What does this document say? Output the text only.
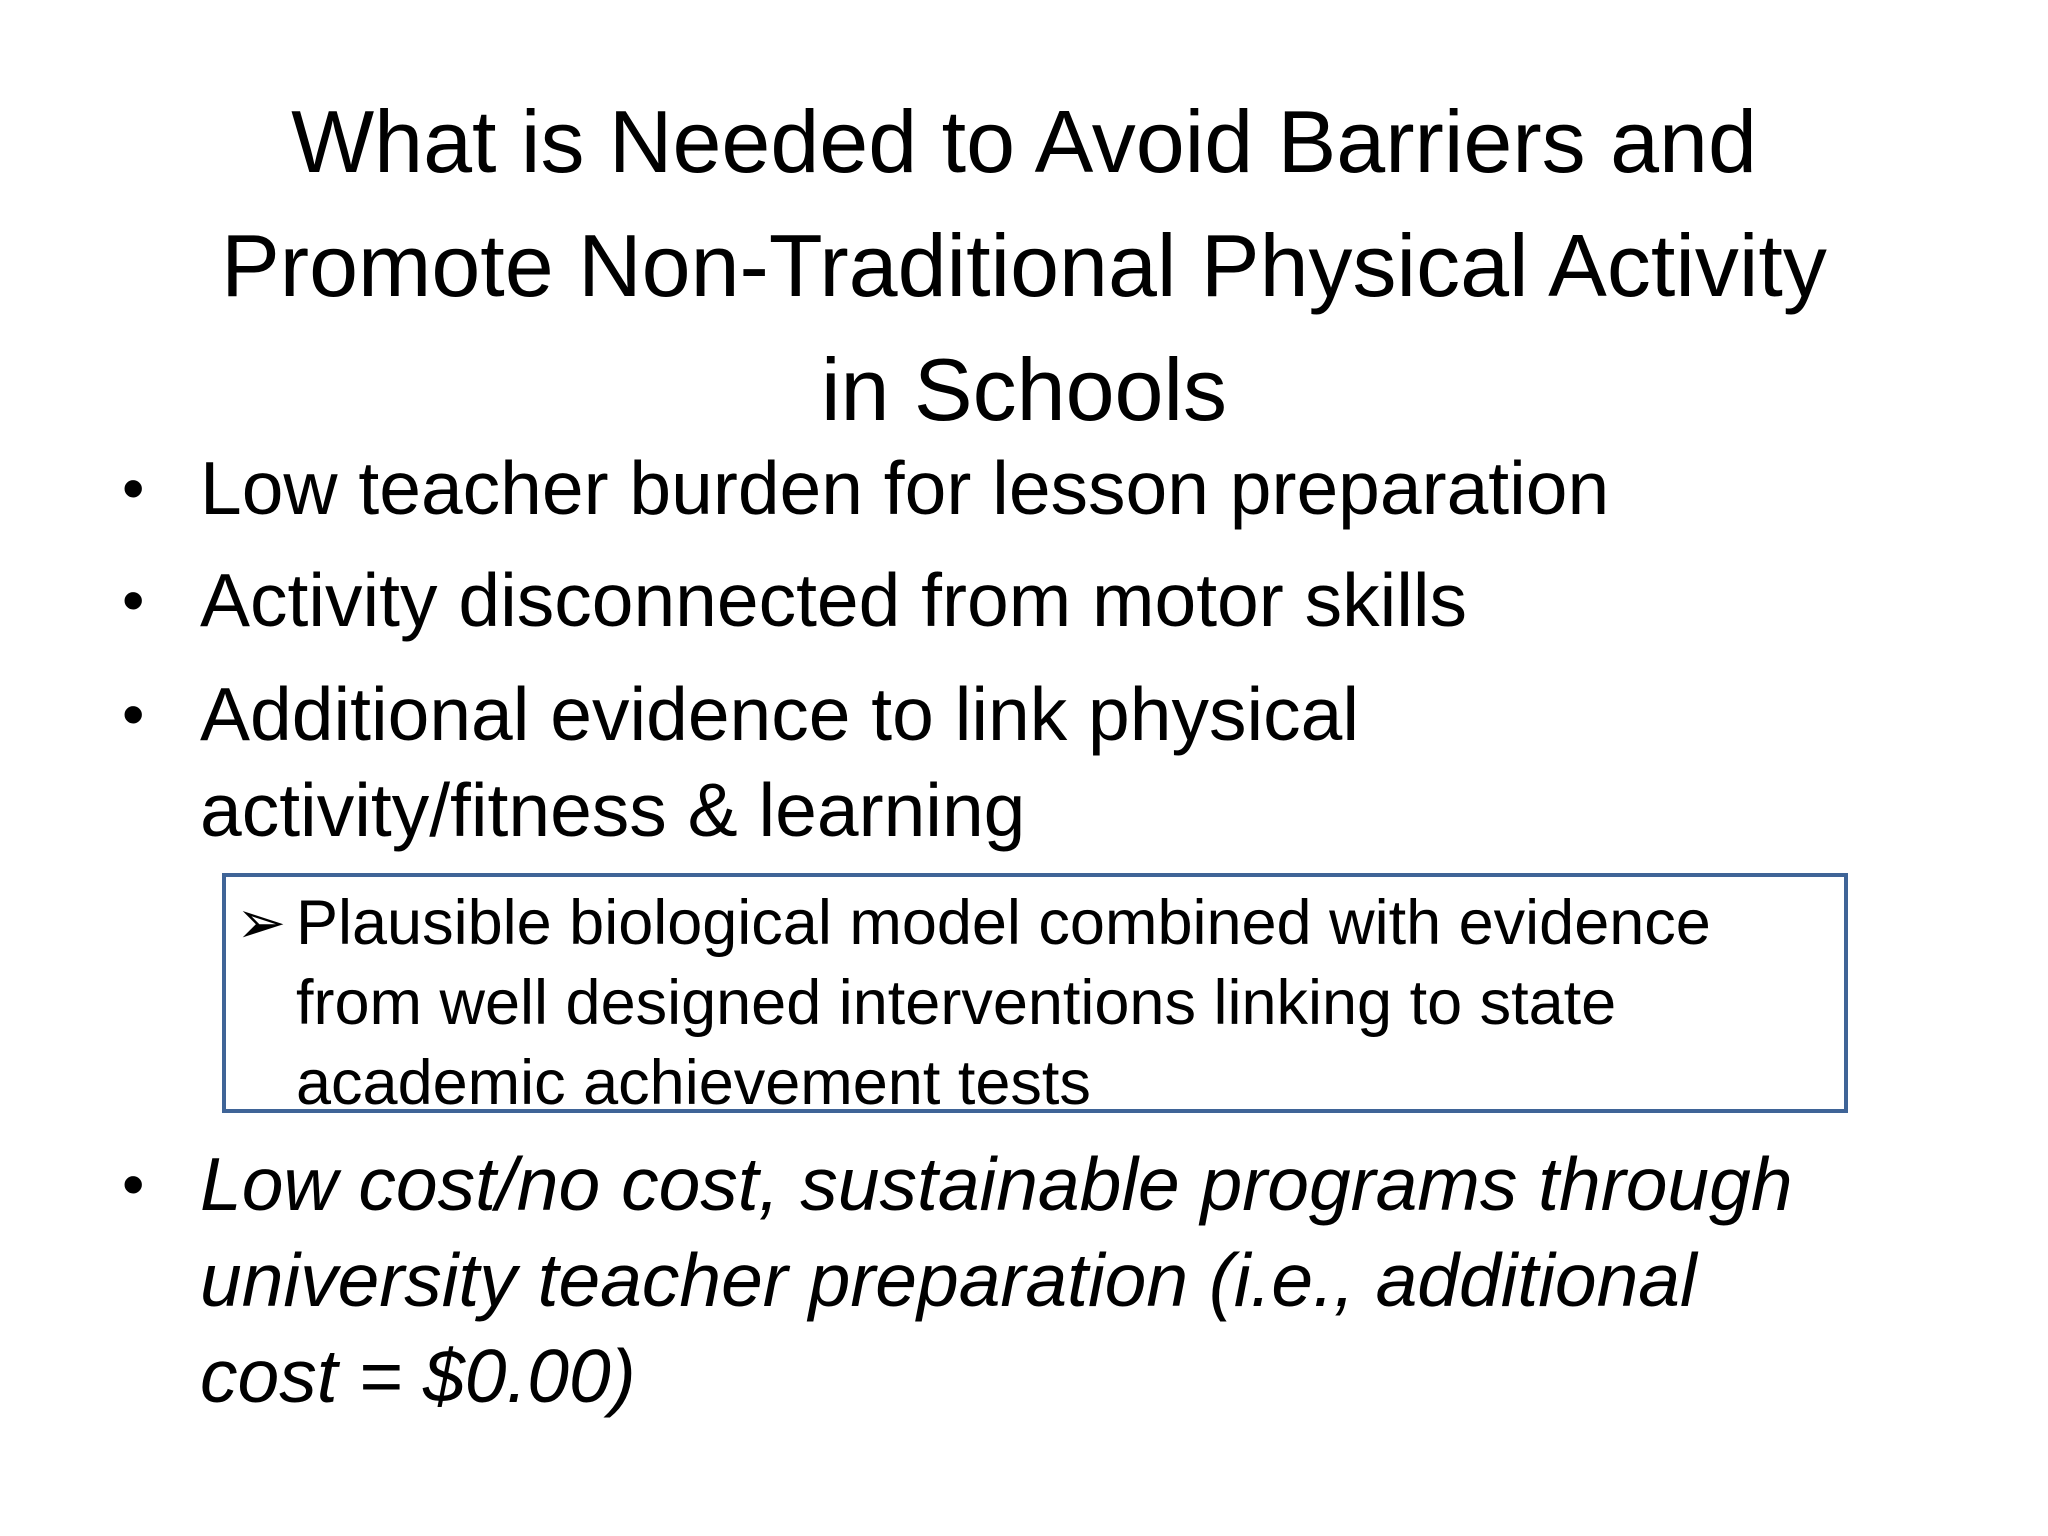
What is Needed to Avoid Barriers and
Promote Non-Traditional Physical Activity
in Schools
• Low teacher burden for lesson preparation
• Activity disconnected from motor skills
• Additional evidence to link physical
activity/fitness & learning
➢ Plausible biological model combined with evidence
from well designed interventions linking to state
academic achievement tests
• Low cost/no cost, sustainable programs through
university teacher preparation (i.e., additional
cost = $0.00)
